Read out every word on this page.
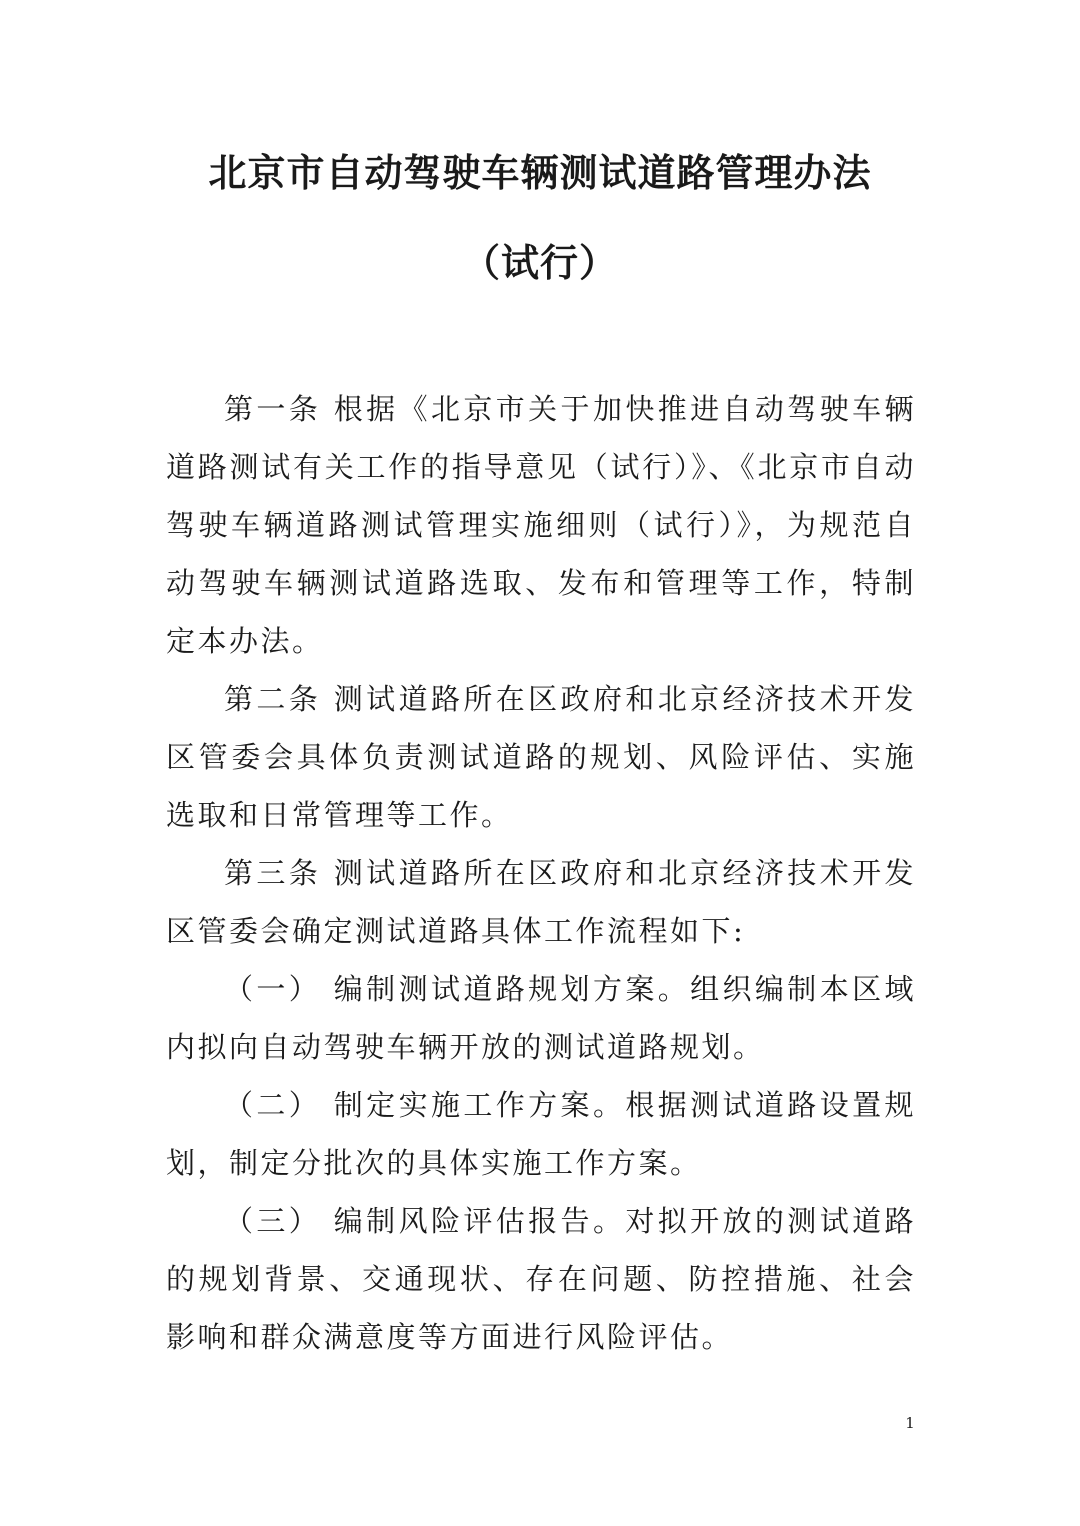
北京市自动驾驶车辆测试道路管理办法
（试行）

第一条 根据《北京市关于加快推进自动驾驶车辆道路测试有关工作的指导意见（试行）》、《北京市自动驾驶车辆道路测试管理实施细则（试行）》，为规范自动驾驶车辆测试道路选取、发布和管理等工作，特制定本办法。

第二条 测试道路所在区政府和北京经济技术开发区管委会具体负责测试道路的规划、风险评估、实施选取和日常管理等工作。

第三条 测试道路所在区政府和北京经济技术开发区管委会确定测试道路具体工作流程如下:

（一） 编制测试道路规划方案。组织编制本区域内拟向自动驾驶车辆开放的测试道路规划。

（二） 制定实施工作方案。根据测试道路设置规划，制定分批次的具体实施工作方案。

（三） 编制风险评估报告。对拟开放的测试道路的规划背景、交通现状、存在问题、防控措施、社会影响和群众满意度等方面进行风险评估。

1
